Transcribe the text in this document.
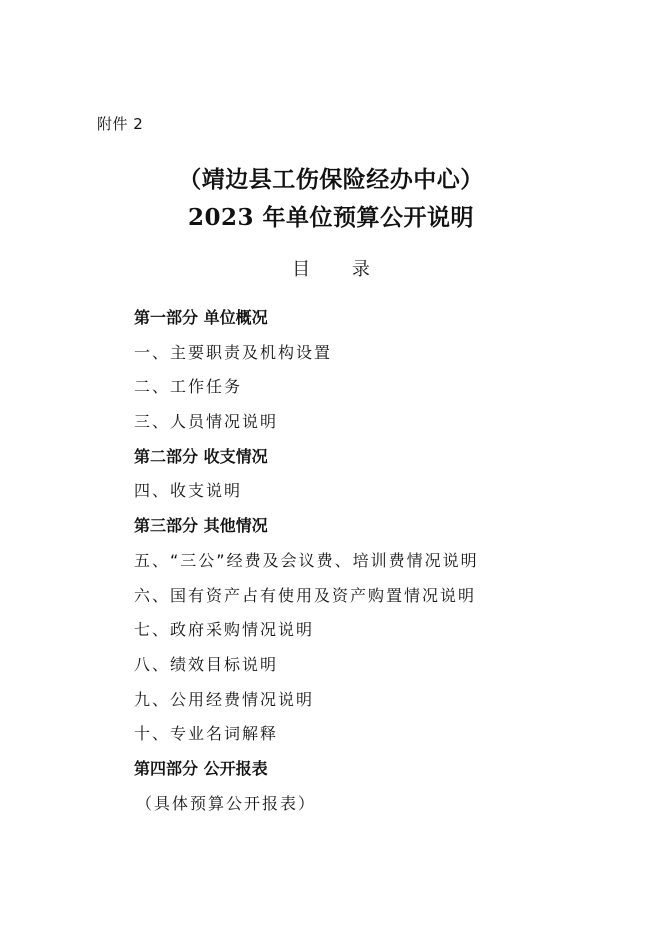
附件 2
（靖边县工伤保险经办中心）
2023 年单位预算公开说明
目 录
第一部分 单位概况
一、主要职责及机构设置
二、工作任务
三、人员情况说明
第二部分 收支情况
四、收支说明
第三部分 其他情况
五、“三公”经费及会议费、培训费情况说明
六、国有资产占有使用及资产购置情况说明
七、政府采购情况说明
八、绩效目标说明
九、公用经费情况说明
十、专业名词解释
第四部分 公开报表
（具体预算公开报表）
